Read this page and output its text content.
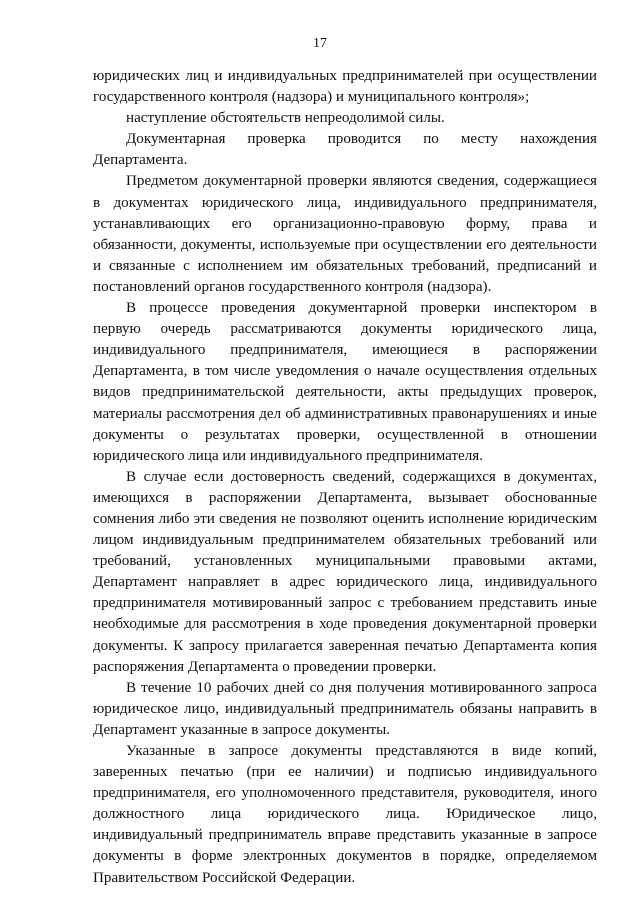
17
юридических лиц и индивидуальных предпринимателей при осуществлении
государственного контроля (надзора) и муниципального контроля»;
наступление обстоятельств непреодолимой силы.
Документарная проверка проводится по месту нахождения
Департамента.
Предметом документарной проверки являются сведения, содержащиеся
в документах юридического лица, индивидуального предпринимателя,
устанавливающих его организационно-правовую форму, права и
обязанности, документы, используемые при осуществлении его деятельности
и связанные с исполнением им обязательных требований, предписаний и
постановлений органов государственного контроля (надзора).
В процессе проведения документарной проверки инспектором в
первую очередь рассматриваются документы юридического лица,
индивидуального предпринимателя, имеющиеся в распоряжении
Департамента, в том числе уведомления о начале осуществления отдельных
видов предпринимательской деятельности, акты предыдущих проверок,
материалы рассмотрения дел об административных правонарушениях и иные
документы о результатах проверки, осуществленной в отношении
юридического лица или индивидуального предпринимателя.
В случае если достоверность сведений, содержащихся в документах,
имеющихся в распоряжении Департамента, вызывает обоснованные
сомнения либо эти сведения не позволяют оценить исполнение юридическим
лицом индивидуальным предпринимателем обязательных требований или
требований, установленных муниципальными правовыми актами,
Департамент направляет в адрес юридического лица, индивидуального
предпринимателя мотивированный запрос с требованием представить иные
необходимые для рассмотрения в ходе проведения документарной проверки
документы. К запросу прилагается заверенная печатью Департамента копия
распоряжения Департамента о проведении проверки.
В течение 10 рабочих дней со дня получения мотивированного запроса
юридическое лицо, индивидуальный предприниматель обязаны направить в
Департамент указанные в запросе документы.
Указанные в запросе документы представляются в виде копий,
заверенных печатью (при ее наличии) и подписью индивидуального
предпринимателя, его уполномоченного представителя, руководителя, иного
должностного лица юридического лица. Юридическое лицо,
индивидуальный предприниматель вправе представить указанные в запросе
документы в форме электронных документов в порядке, определяемом
Правительством Российской Федерации.
